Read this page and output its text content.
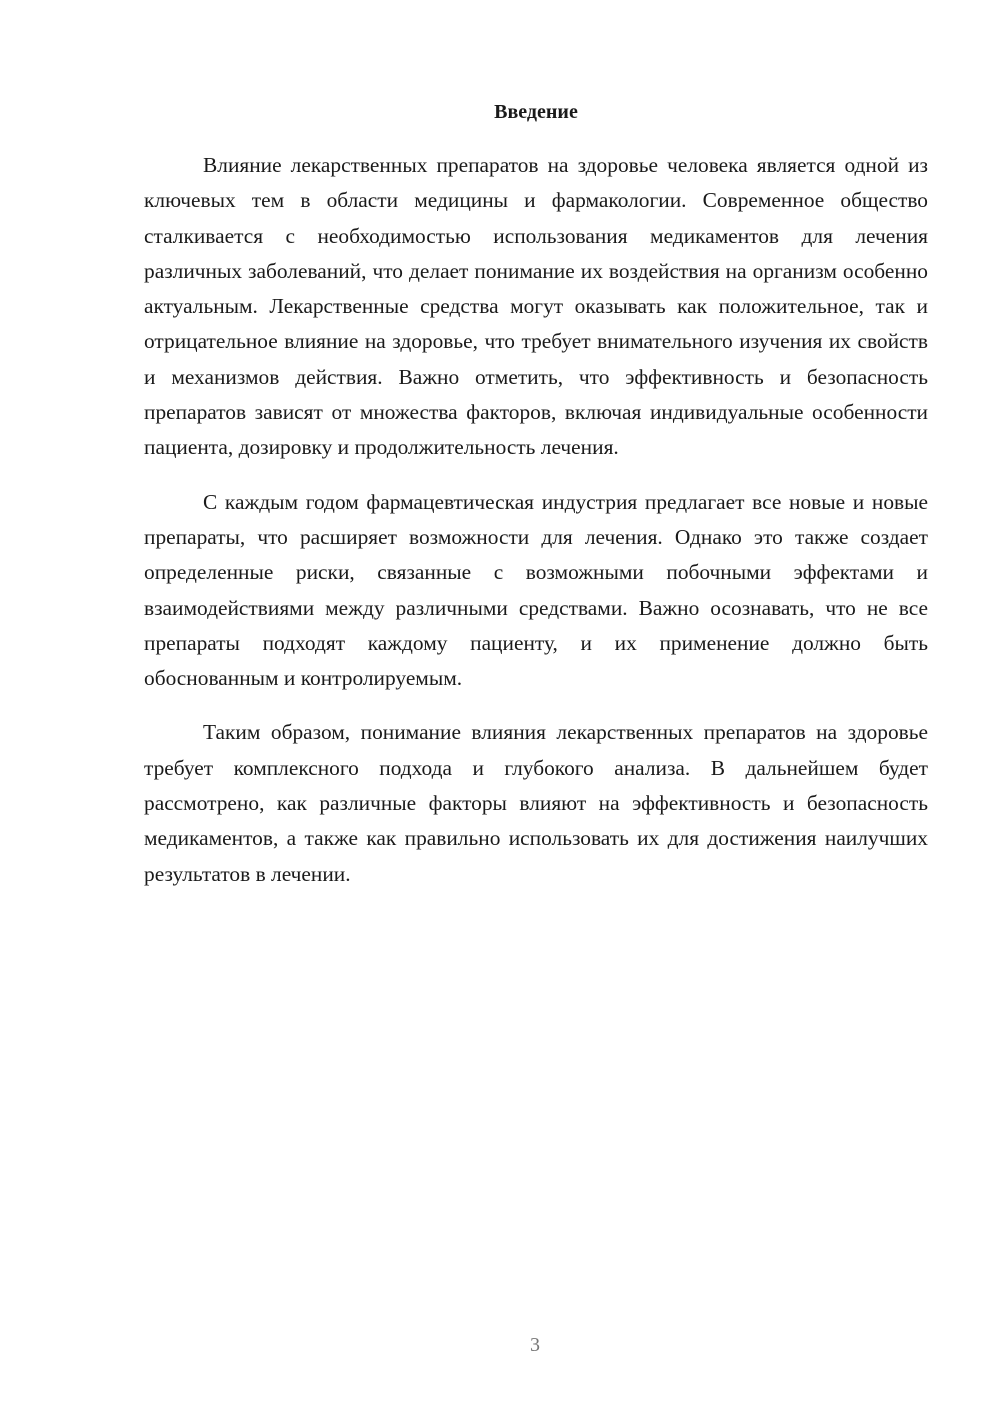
Введение

Влияние лекарственных препаратов на здоровье человека является одной из ключевых тем в области медицины и фармакологии. Современное общество сталкивается с необходимостью использования медикаментов для лечения различных заболеваний, что делает понимание их воздействия на организм особенно актуальным. Лекарственные средства могут оказывать как положительное, так и отрицательное влияние на здоровье, что требует внимательного изучения их свойств и механизмов действия. Важно отметить, что эффективность и безопасность препаратов зависят от множества факторов, включая индивидуальные особенности пациента, дозировку и продолжительность лечения.

С каждым годом фармацевтическая индустрия предлагает все новые и новые препараты, что расширяет возможности для лечения. Однако это также создает определенные риски, связанные с возможными побочными эффектами и взаимодействиями между различными средствами. Важно осознавать, что не все препараты подходят каждому пациенту, и их применение должно быть обоснованным и контролируемым.

Таким образом, понимание влияния лекарственных препаратов на здоровье требует комплексного подхода и глубокого анализа. В дальнейшем будет рассмотрено, как различные факторы влияют на эффективность и безопасность медикаментов, а также как правильно использовать их для достижения наилучших результатов в лечении.

3
